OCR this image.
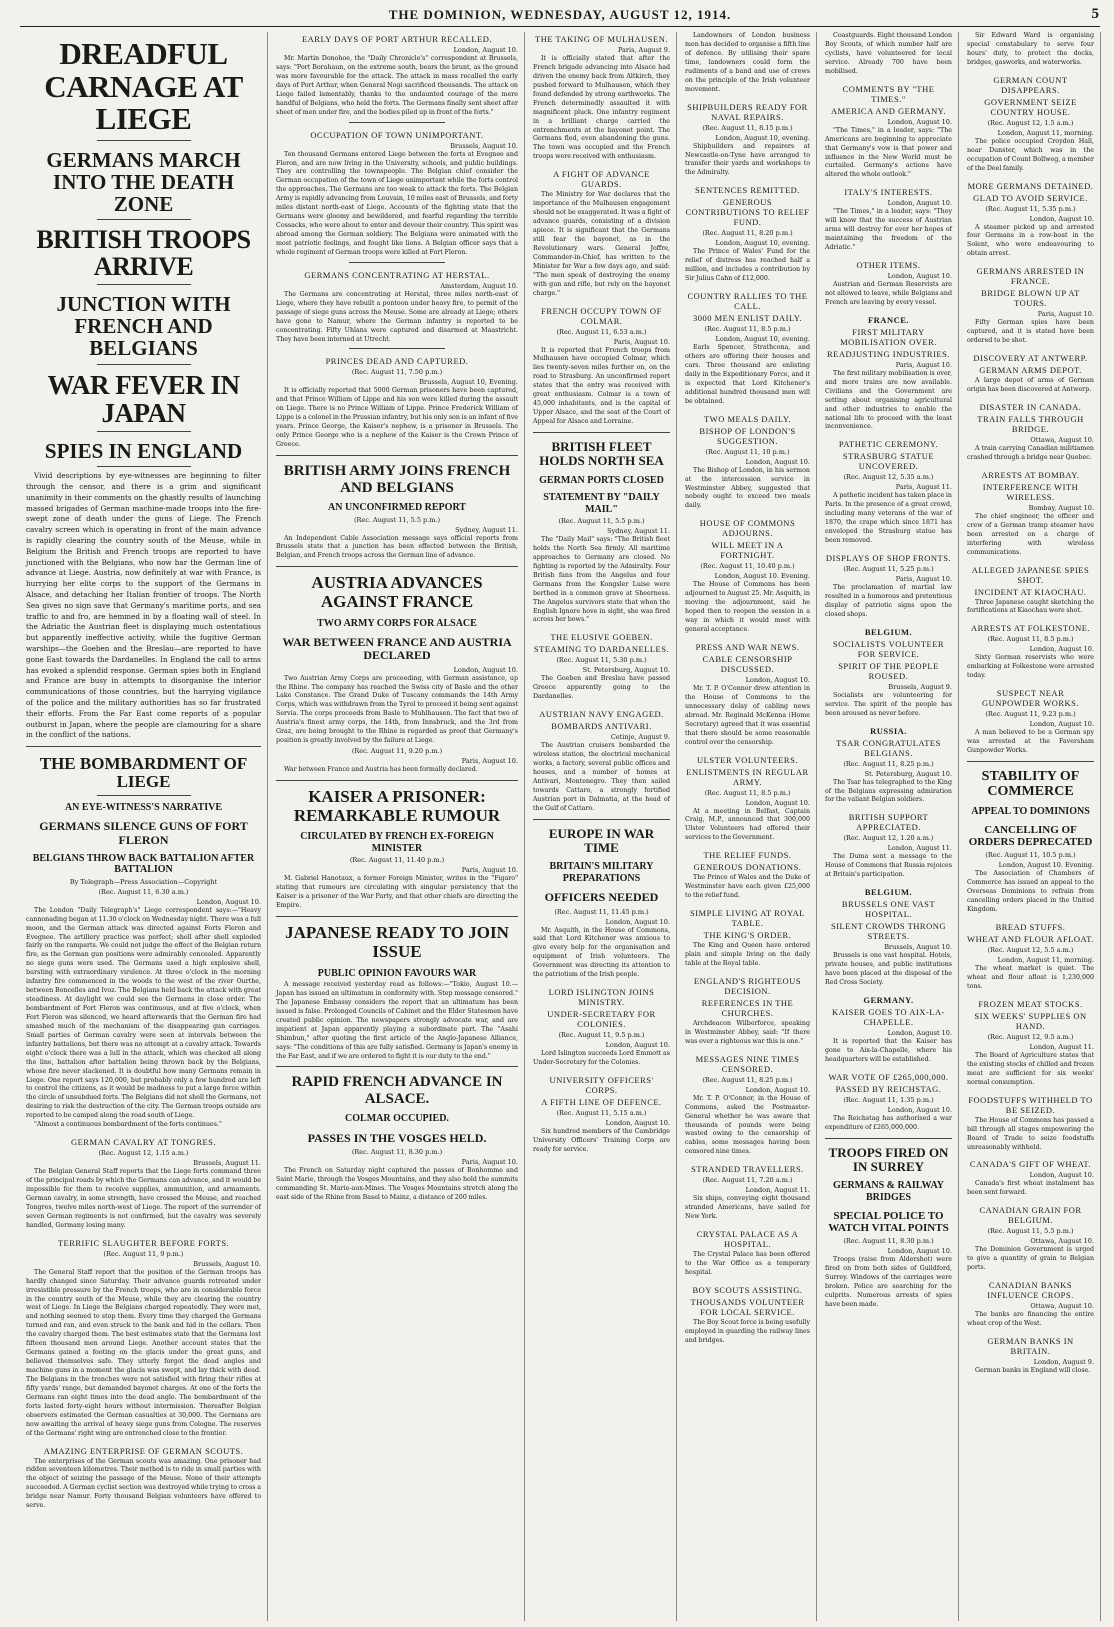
THE DOMINION, WEDNESDAY, AUGUST 12, 1914.	5
DREADFUL CARNAGE AT LIEGE
GERMANS MARCH INTO THE DEATH ZONE
BRITISH TROOPS ARRIVE
JUNCTION WITH FRENCH AND BELGIANS
WAR FEVER IN JAPAN
SPIES IN ENGLAND

Vivid descriptions by eye-witnesses are beginning to filter through the censor, and there is a grim and significant unanimity in their comments on the ghastly results of launching massed brigades of German machine-made troops into the fire-swept zone of death under the guns of Liege. The French cavalry screen which is operating in front of the main advance is rapidly clearing the country south of the Meuse, while in Belgium the British and French troops are reported to have junctioned with the Belgians, who now bar the German line of advance at Liege. Austria, now definitely at war with France, is hurrying her elite corps to the support of the Germans in Alsace, and detaching her Italian frontier of troops. The North Sea gives no sign save that Germany's maritime ports, and sea traffic to and fro, are hemmed in by a floating wall of steel. In the Adriatic the Austrian fleet is displaying much ostentatious but apparently ineffective activity, while the fugitive German warships—the Goeben and the Breslau—are reported to have gone East towards the Dardanelles. In England the call to arms has evoked a splendid response. German spies both in England and France are busy in attempts to disorganise the interior communications of those countries, but the harrying vigilance of the police and the military authorities has so far frustrated their efforts. From the Far East come reports of a popular outburst in Japan, where the people are clamouring for a share in the conflict of the nations.

THE BOMBARDMENT OF LIEGE
AN EYE-WITNESS'S NARRATIVE
GERMANS SILENCE GUNS OF FORT FLERON
BELGIANS THROW BACK BATTALION AFTER BATTALION
By Telegraph—Press Association—Copyright
(Rec. August 11, 6.30 a.m.)
London, August 10.

The London "Daily Telegraph's" Liege correspondent says:—"Heavy cannonading began at 11.30 o'clock on Wednesday night. There was a full moon, and the German attack was directed against Forts Fleron and Evegnee. The artillery practice was perfect; shell after shell exploded fairly on the ramparts. We could not judge the effect of the Belgian return fire, as the German gun positions were admirably concealed. Apparently no siege guns were used. The Germans used a high explosive shell, bursting with extraordinary virulence. At three o'clock in the morning infantry fire commenced in the woods to the west of the river Ourthe, between Boncelles and Ivoz. The Belgians held back the attack with great steadiness. At daylight we could see the Germans in close order. The bombardment of Fort Fleron was continuous, and at five o'clock, when Fort Fleron was silenced, we heard afterwards that the German fire had smashed much of the mechanism of the disappearing gun carriages. Small parties of German cavalry were seen at intervals between the infantry battalions, but there was no attempt at a cavalry attack. Towards eight o'clock there was a lull in the attack, which was checked all along the line, battalion after battalion being thrown back by the Belgians, whose fire never slackened. It is doubtful how many Germans remain in Liege. One report says 120,000, but probably only a few hundred are left to control the citizens, as it would be madness to put a large force within the circle of unsubdued forts. The Belgians did not shell the Germans, not desiring to risk the destruction of the city. The German troops outside are reported to be camped along the road south of Liege.

"Almost a continuous bombardment of the forts continues."

GERMAN CAVALRY AT TONGRES.
(Rec. August 12, 1.15 a.m.)
Brussels, August 11.

The Belgian General Staff reports that the Liege forts command three of the principal roads by which the Germans can advance, and it would be impossible for them to receive supplies, ammunition, and armaments. German cavalry, in some strength, have crossed the Meuse, and reached Tongres, twelve miles north-west of Liege. The report of the surrender of seven German regiments is not confirmed, but the cavalry was severely handled, Germany losing many.

TERRIFIC SLAUGHTER BEFORE FORTS.
(Rec. August 11, 9 p.m.)
Brussels, August 10.

The General Staff report that the position of the German troops has hardly changed since Saturday. Their advance guards retreated under irresistible pressure by the French troops, who are in considerable force in the country south of the Meuse, while they are clearing the country west of Liege. In Liege the Belgians charged repeatedly. They were met, and nothing seemed to stop them. Every time they charged the Germans turned and ran, and even struck to the bank and hid in the cellars. Then the cavalry charged them. The best estimates state that the Germans lost fifteen thousand men around Liege. Another account states that the Germans gained a footing on the glacis under the great guns, and believed themselves safe. They utterly forgot the dead angles and machine guns in a moment the glacis was swept, and lay thick with dead. The Belgians in the trenches were not satisfied with firing their rifles at fifty yards' range, but demanded bayonet charges. At one of the forts the Germans ran eight times into the dead angle. The bombardment of the forts lasted forty-eight hours without intermission. Thereafter Belgian observers estimated the German casualties at 30,000. The Germans are now awaiting the arrival of heavy siege guns from Cologne. The reserves of the Germans' right wing are entrenched close to the frontier.

AMAZING ENTERPRISE OF GERMAN SCOUTS.

The enterprises of the German scouts was amazing. One prisoner had ridden seventeen kilometres. Their method is to ride in small parties with the object of seizing the passage of the Meuse. None of their attempts succeeded. A German cyclist section was destroyed while trying to cross a bridge near Namur. Forty thousand Belgian volunteers have offered to serve.

EARLY DAYS OF PORT ARTHUR RECALLED.
London, August 10.

Mr. Martin Donohoe, the "Daily Chronicle's" correspondent at Brussels, says: "Port Borahaun, on the extreme south, bears the brunt, as the ground was more favourable for the attack. The attack in mass recalled the early days of Port Arthur, when General Nogi sacrificed thousands. The attack on Liege failed lamentably, thanks to the undaunted courage of the mere handful of Belgians, who held the forts. The Germans finally sent sheet after sheet of men under fire, and the bodies piled up in front of the forts."

OCCUPATION OF TOWN UNIMPORTANT.
Brussels, August 10.

Ten thousand Germans entered Liege between the forts at Evegnee and Fleron, and are now living in the University, schools, and public buildings. They are controlling the townspeople. The Belgian chief consider the German occupation of the town of Liege unimportant while the forts control the approaches. The Germans are too weak to attack the forts. The Belgian Army is rapidly advancing from Louvain, 10 miles east of Brussels, and forty miles distant north-east of Liege. Accounts of the fighting state that the Germans were gloomy and bewildered, and fearful regarding the terrible Cossacks, who were about to enter and devour their country. This spirit was abroad among the German soldiery. The Belgians were animated with the most patriotic feelings, and fought like lions. A Belgian officer says that a whole regiment of German troops were killed at Fort Fleron.

GERMANS CONCENTRATING AT HERSTAL.
Amsterdam, August 10.

The Germans are concentrating at Herstal, three miles north-east of Liege, where they have rebuilt a pontoon under heavy fire, to permit of the passage of siege guns across the Meuse. Some are already at Liege; others have gone to Namur, where the German infantry is reported to be concentrating. Fifty Uhlans were captured and disarmed at Maastricht. They have been interned at Utrecht.

PRINCES DEAD AND CAPTURED.
(Rec. August 11, 7.50 p.m.)
Brussels, August 10, Evening.

It is officially reported that 5000 German prisoners have been captured, and that Prince William of Lippe and his son were killed during the assault on Liege. There is no Prince William of Lippe. Prince Frederick William of Lippe is a colonel in the Prussian infantry, but his only son is an infant of five years. Prince George, the Kaiser's nephew, is a prisoner in Brussels. The only Prince George who is a nephew of the Kaiser is the Crown Prince of Greece.

BRITISH ARMY JOINS FRENCH AND BELGIANS
AN UNCONFIRMED REPORT
(Rec. August 11, 5.5 p.m.)
Sydney, August 11.

An Independent Cable Association message says official reports from Brussels state that a junction has been effected between the British, Belgian, and French troops across the German line of advance.

AUSTRIA ADVANCES AGAINST FRANCE
TWO ARMY CORPS FOR ALSACE
WAR BETWEEN FRANCE AND AUSTRIA DECLARED
London, August 10.

Two Austrian Army Corps are proceeding, with German assistance, up the Rhine. The company has reached the Swiss city of Basle and the other Lake Constance. The Grand Duke of Tuscany commands the 14th Army Corps, which was withdrawn from the Tyrol to proceed it being sent against Servia. The corps proceeds from Basle to Muhlhausen. The fact that two of Austria's finest army corps, the 14th, from Innsbruck, and the 3rd from Graz, are being brought to the Rhine is regarded as proof that Germany's position is greatly involved by the failure at Liege.

(Rec. August 11, 9.20 p.m.)
Paris, August 10.

War between France and Austria has been formally declared.

KAISER A PRISONER: REMARKABLE RUMOUR
CIRCULATED BY FRENCH EX-FOREIGN MINISTER
(Rec. August 11, 11.40 p.m.)
Paris, August 10.

M. Gabriel Hanotaux, a former Foreign Minister, writes in the "Figaro" stating that rumours are circulating with singular persistency that the Kaiser is a prisoner of the War Party, and that other chiefs are directing the Empire.

JAPANESE READY TO JOIN ISSUE
PUBLIC OPINION FAVOURS WAR

A message received yesterday read as follows:—"Tokio, August 10.—Japan has issued an ultimatum in conformity with. Step message censored." The Japanese Embassy considers the report that an ultimatum has been issued is false. Prolonged Councils of Cabinet and the Elder Statesmen have created public opinion. The newspapers strongly advocate war, and are impatient at Japan apparently playing a subordinate part. The "Asahi Shimbun," after quoting the first article of the Anglo-Japanese Alliance, says: "The conditions of this are fully satisfied. Germany is Japan's enemy in the Far East, and if we are ordered to fight it is our duty to the end."

RAPID FRENCH ADVANCE IN ALSACE.
COLMAR OCCUPIED.
PASSES IN THE VOSGES HELD.
(Rec. August 11, 8.30 p.m.)
Paris, August 10.

The French on Saturday night captured the passes of Bonhomme and Saint Marie, through the Vosges Mountains, and they also hold the summits commanding St. Marie-aux-Mines. The Vosges Mountains stretch along the east side of the Rhine from Basel to Mainz, a distance of 200 miles.

THE TAKING OF MULHAUSEN.
Paris, August 9.

It is officially stated that after the French brigade advancing into Alsace had driven the enemy back from Altkirch, they pushed forward to Mulhausen, which they found defended by strong earthworks. The French determinedly assaulted it with magnificent pluck. One infantry regiment in a brilliant charge carried the entrenchments at the bayonet point. The Germans fled, even abandoning the guns. The town was occupied and the French troops were received with enthusiasm.

A FIGHT OF ADVANCE GUARDS.

The Ministry for War declares that the importance of the Mulhausen engagement should not be exaggerated. It was a fight of advance guards, consisting of a division apiece. It is significant that the Germans still fear the bayonet, as in the Revolutionary wars. General Joffre, Commander-in-Chief, has written to the Minister for War a few days ago, and said: "The men speak of destroying the enemy with gun and rifle, but rely on the bayonet charge."

FRENCH OCCUPY TOWN OF COLMAR.
(Rec. August 11, 6.53 a.m.)
Paris, August 10.

It is reported that French troops from Mulhausen have occupied Colmar, which lies twenty-seven miles further on, on the road to Strasburg. An unconfirmed report states that the entry was received with great enthusiasm. Colmar is a town of 45,000 inhabitants, and is the capital of Upper Alsace, and the seat of the Court of Appeal for Alsace and Lorraine.

BRITISH FLEET HOLDS NORTH SEA
GERMAN PORTS CLOSED
STATEMENT BY "DAILY MAIL"
(Rec. August 11, 5.5 p.m.)
Sydney, August 11.

The "Daily Mail" says: "The British fleet holds the North Sea firmly. All maritime approaches to Germany are closed. No fighting is reported by the Admiralty. Four British fans from the Angelus and four Germans from the Kongsler Luise were berthed in a common grave at Sheerness. The Angelus survivors state that when the English Ignore hove in sight, she was fired across her bows."

THE ELUSIVE GOEBEN.
STEAMING TO DARDANELLES.
(Rec. August 11, 5.30 p.m.)
St. Petersburg, August 10.

The Goeben and Breslau have passed Greece apparently going to the Dardanelles.

AUSTRIAN NAVY ENGAGED.
BOMBARDS ANTIVARI.
Cetinje, August 9.

The Austrian cruisers bombarded the wireless station, the electrical mechanical works, a factory, several public offices and houses, and a number of homes at Antivari, Montenegro. They then sailed towards Cattaro, a strongly fortified Austrian port in Dalmatia, at the head of the Gulf of Cattaro.

EUROPE IN WAR TIME
BRITAIN'S MILITARY PREPARATIONS
OFFICERS NEEDED
(Rec. August 11, 11.45 p.m.)
London, August 10.

Mr. Asquith, in the House of Commons, said that Lord Kitchener was anxious to give every help for the organisation and equipment of Irish volunteers. The Government was directing its attention to the patriotism of the Irish people.

LORD ISLINGTON JOINS MINISTRY.
UNDER-SECRETARY FOR COLONIES.
(Rec. August 11, 9.5 p.m.)
London, August 10.

Lord Islington succeeds Lord Emmott as Under-Secretary for the Colonies.

UNIVERSITY OFFICERS' CORPS.
A FIFTH LINE OF DEFENCE.
(Rec. August 11, 5.15 a.m.)
London, August 10.

Six hundred members of the Cambridge University Officers' Training Corps are ready for service.

Landowners of London business men has decided to organise a fifth line of defence. By utilising their spare time, landowners could form the rudiments of a band and use of crews on the principle of the Irish volunteer movement.

SHIPBUILDERS READY FOR NAVAL REPAIRS.
(Rec. August 11, 8.15 p.m.)
London, August 10, evening.

Shipbuilders and repairers at Newcastle-on-Tyne have arranged to transfer their yards and workshops to the Admiralty.

SENTENCES REMITTED.
GENEROUS CONTRIBUTIONS TO RELIEF FUND.
(Rec. August 11, 8.20 p.m.)
London, August 10, evening.

The Prince of Wales' Fund for the relief of distress has reached half a million, and includes a contribution by Sir Julius Cahn of £12,000.

COUNTRY RALLIES TO THE CALL.
3000 MEN ENLIST DAILY.
(Rec. August 11, 8.5 p.m.)
London, August 10, evening.

Earls Spencer, Strathcona, and others are offering their houses and cars. Three thousand are enlisting daily in the Expeditionary Force, and it is expected that Lord Kitchener's additional hundred thousand men will be obtained.

TWO MEALS DAILY.
BISHOP OF LONDON'S SUGGESTION.
(Rec. August 11, 10 p.m.)
London, August 10.

The Bishop of London, in his sermon at the intercession service in Westminster Abbey, suggested that nobody ought to exceed two meals daily.

HOUSE OF COMMONS ADJOURNS.
WILL MEET IN A FORTNIGHT.
(Rec. August 11, 10.40 p.m.)
London, August 10. Evening.

The House of Commons has been adjourned to August 25. Mr. Asquith, in moving the adjournment, said he hoped then to reopen the session in a way in which it would meet with general acceptance.

PRESS AND WAR NEWS.
CABLE CENSORSHIP DISCUSSED.
London, August 10.

Mr. T. P. O'Connor drew attention in the House of Commons to the unnecessary delay of cabling news abroad. Mr. Reginald McKenna (Home Secretary) agreed that it was essential that there should be some reasonable control over the censorship.

ULSTER VOLUNTEERS.
ENLISTMENTS IN REGULAR ARMY.
(Rec. August 11, 8.5 p.m.)
London, August 10.

At a meeting in Belfast, Captain Craig, M.P., announced that 300,000 Ulster Volunteers had offered their services to the Government.

THE RELIEF FUNDS.
GENEROUS DONATIONS.

The Prince of Wales and the Duke of Westminster have each given £25,000 to the relief fund.

SIMPLE LIVING AT ROYAL TABLE.
THE KING'S ORDER.

The King and Queen have ordered plain and simple living on the daily table at the Royal table.

ENGLAND'S RIGHTEOUS DECISION.
REFERENCES IN THE CHURCHES.

Archdeacon Wilberforce, speaking in Westminster Abbey, said: "If there was ever a righteous war this is one."

MESSAGES NINE TIMES CENSORED.
(Rec. August 11, 8.25 p.m.)
London, August 10.

Mr. T. P. O'Connor, in the House of Commons, asked the Postmaster-General whether he was aware that thousands of pounds were being wasted owing to the censorship of cables, some messages having been censored nine times.

STRANDED TRAVELLERS.
(Rec. August 11, 7.20 a.m.)
London, August 11.

Six ships, conveying eight thousand stranded Americans, have sailed for New York.

CRYSTAL PALACE AS A HOSPITAL.

The Crystal Palace has been offered to the War Office as a temporary hospital.

BOY SCOUTS ASSISTING.
THOUSANDS VOLUNTEER FOR LOCAL SERVICE.

The Boy Scout force is being usefully employed in guarding the railway lines and bridges.

Coastguards. Eight thousand London Boy Scouts, of which number half are cyclists, have volunteered for local service. Already 700 have been mobilised.

COMMENTS BY "THE TIMES."
AMERICA AND GERMANY.
London, August 10.

"The Times," in a leader, says: "The Americans are beginning to appreciate that Germany's vow is that power and influence in the New World must be curtailed. Germany's actions have altered the whole outlook."

ITALY'S INTERESTS.
London, August 10.

"The Times," in a leader, says: "They will know that the success of Austrian arms will destroy for ever her hopes of maintaining the freedom of the Adriatic."

OTHER ITEMS.
London, August 10.

Austrian and German Reservists are not allowed to leave, while Belgians and French are leaving by every vessel.

FRANCE.
FIRST MILITARY MOBILISATION OVER.
READJUSTING INDUSTRIES.
Paris, August 10.

The first military mobilisation is over, and more trains are now available. Civilians and the Government are setting about organising agricultural and other industries to enable the national life to proceed with the least inconvenience.

PATHETIC CEREMONY.
STRASBURG STATUE UNCOVERED.
(Rec. August 12, 5.35 a.m.)
Paris, August 11.

A pathetic incident has taken place in Paris. In the presence of a great crowd, including many veterans of the war of 1870, the crape which since 1871 has enveloped the Strasburg statue has been removed.

DISPLAYS OF SHOP FRONTS.
(Rec. August 11, 5.25 p.m.)
Paris, August 10.

The proclamation of martial law resulted in a humorous and pretentious display of patriotic signs upon the closed shops.

BELGIUM.
SOCIALISTS VOLUNTEER FOR SERVICE.
SPIRIT OF THE PEOPLE ROUSED.
Brussels, August 9.

Socialists are volunteering for service. The spirit of the people has been aroused as never before.

RUSSIA.
TSAR CONGRATULATES BELGIANS.
(Rec. August 11, 8.25 p.m.)
St. Petersburg, August 10.

The Tsar has telegraphed to the King of the Belgians expressing admiration for the valiant Belgian soldiers.

BRITISH SUPPORT APPRECIATED.
(Rec. August 12, 1.20 a.m.)
London, August 11.

The Duma sent a message to the House of Commons that Russia rejoices at Britain's participation.

BELGIUM.
BRUSSELS ONE VAST HOSPITAL.
SILENT CROWDS THRONG STREETS.
Brussels, August 10.

Brussels is one vast hospital. Hotels, private houses, and public institutions have been placed at the disposal of the Red Cross Society.

GERMANY.
KAISER GOES TO AIX-LA-CHAPELLE.
London, August 10.

It is reported that the Kaiser has gone to Aix-la-Chapelle, where his headquarters will be established.

WAR VOTE OF £265,000,000.
PASSED BY REICHSTAG.
(Rec. August 11, 1.35 p.m.)
London, August 10.

The Reichstag has authorised a war expenditure of £265,000,000.

TROOPS FIRED ON IN SURREY
GERMANS & RAILWAY BRIDGES
SPECIAL POLICE TO WATCH VITAL POINTS
(Rec. August 11, 8.30 p.m.)
London, August 10.

Troops (raise from Aldershot) were fired on from both sides of Guildford, Surrey. Windows of the carriages were broken. Police are searching for the culprits. Numerous arrests of spies have been made.

Sir Edward Ward is organising special constabulary to serve four hours' duty, to protect the docks, bridges, gasworks, and waterworks.

GERMAN COUNT DISAPPEARS.
GOVERNMENT SEIZE COUNTRY HOUSE.
(Rec. August 12, 1.5 a.m.)
London, August 11, morning.

The police occupied Croydon Hall, near Dunster, which was in the occupation of Count Bollweg, a member of the Deel family.

MORE GERMANS DETAINED.
GLAD TO AVOID SERVICE.
(Rec. August 11, 5.35 p.m.)
London, August 10.

A steamer picked up and arrested four Germans in a row-boat in the Solent, who were endeavouring to obtain arrest.

GERMANS ARRESTED IN FRANCE.
BRIDGE BLOWN UP AT TOURS.
Paris, August 10.

Fifty German spies have been captured, and it is stated have been ordered to be shot.

DISCOVERY AT ANTWERP.
GERMAN ARMS DEPOT.

A large depot of arms of German origin has been discovered at Antwerp.

DISASTER IN CANADA.
TRAIN FALLS THROUGH BRIDGE.
Ottawa, August 10.

A train carrying Canadian militiamen crashed through a bridge near Quebec.

ARRESTS AT BOMBAY.
INTERFERENCE WITH WIRELESS.
Bombay, August 10.

The chief engineer, the officer and crew of a German tramp steamer have been arrested on a charge of interfering with wireless communications.

ALLEGED JAPANESE SPIES SHOT.
INCIDENT AT KIAOCHAU.

Three Japanese caught sketching the fortifications at Kiaochau were shot.

ARRESTS AT FOLKESTONE.
(Rec. August 11, 8.5 p.m.)
London, August 10.

Sixty German reservists who were embarking at Folkestone were arrested today.

SUSPECT NEAR GUNPOWDER WORKS.
(Rec. August 11, 9.23 p.m.)
London, August 10.

A man believed to be a German spy was arrested at the Faversham Gunpowder Works.

STABILITY OF COMMERCE
APPEAL TO DOMINIONS
CANCELLING OF ORDERS DEPRECATED
(Rec. August 11, 10.5 p.m.)
London, August 10. Evening.

The Association of Chambers of Commerce has issued an appeal to the Overseas Dominions to refrain from cancelling orders placed in the United Kingdom.

BREAD STUFFS.
WHEAT AND FLOUR AFLOAT.
(Rec. August 12, 5.5 a.m.)
London, August 11, morning.

The wheat market is quiet. The wheat and flour afloat is 1,230,000 tons.

FROZEN MEAT STOCKS.
SIX WEEKS' SUPPLIES ON HAND.
(Rec. August 12, 9.5 a.m.)
London, August 11.

The Board of Agriculture states that the existing stocks of chilled and frozen meat are sufficient for six weeks' normal consumption.

FOODSTUFFS WITHHELD TO BE SEIZED.

The House of Commons has passed a bill through all stages empowering the Board of Trade to seize foodstuffs unreasonably withheld.

CANADA'S GIFT OF WHEAT.
London, August 10.

Canada's first wheat instalment has been sent forward.

CANADIAN GRAIN FOR BELGIUM.
(Rec. August 11, 5.5 p.m.)
Ottawa, August 10.

The Dominion Government is urged to give a quantity of grain to Belgian ports.

CANADIAN BANKS INFLUENCE CROPS.
Ottawa, August 10.

The banks are financing the entire wheat crop of the West.

GERMAN BANKS IN BRITAIN.
London, August 9.

German banks in England will close.
